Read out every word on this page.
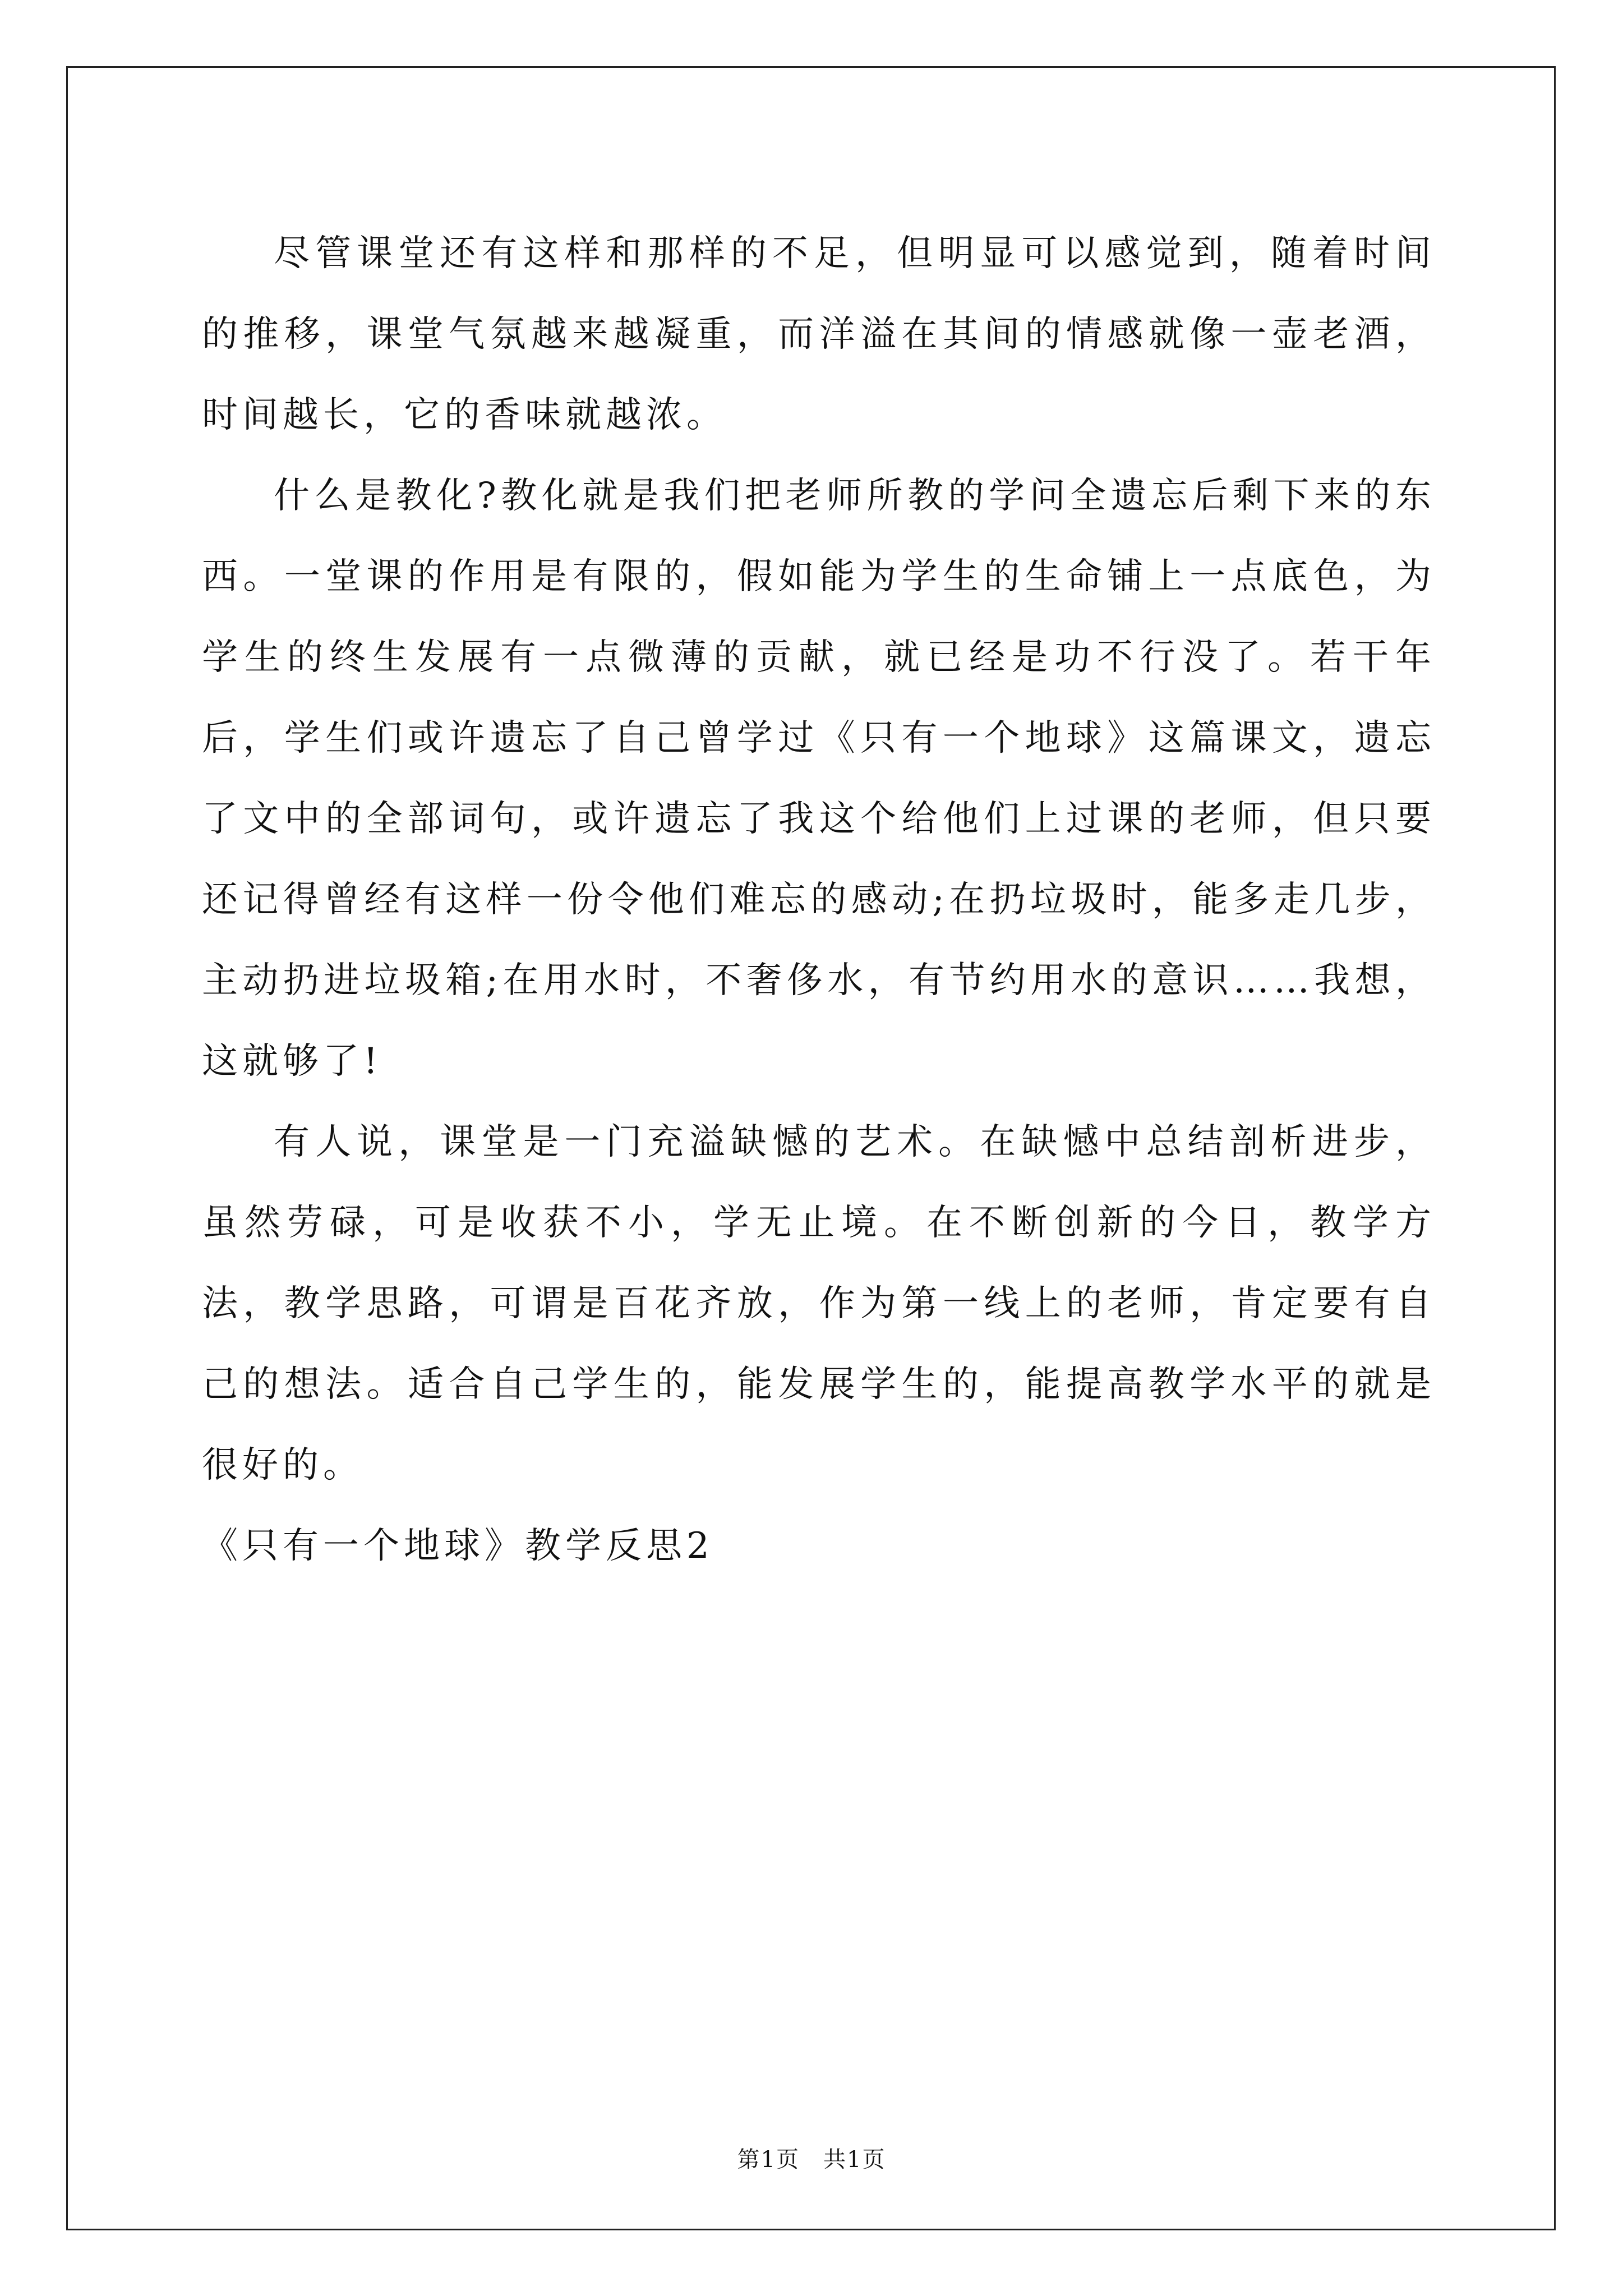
尽管课堂还有这样和那样的不足，但明显可以感觉到，随着时间的推移，课堂气氛越来越凝重，而洋溢在其间的情感就像一壶老酒，时间越长，它的香味就越浓。

什么是教化?教化就是我们把老师所教的学问全遗忘后剩下来的东西。一堂课的作用是有限的，假如能为学生的生命铺上一点底色，为学生的终生发展有一点微薄的贡献，就已经是功不行没了。若干年后，学生们或许遗忘了自己曾学过《只有一个地球》这篇课文，遗忘了文中的全部词句，或许遗忘了我这个给他们上过课的老师，但只要还记得曾经有这样一份令他们难忘的感动;在扔垃圾时，能多走几步，主动扔进垃圾箱;在用水时，不奢侈水，有节约用水的意识……我想，这就够了!

有人说，课堂是一门充溢缺憾的艺术。在缺憾中总结剖析进步，虽然劳碌，可是收获不小，学无止境。在不断创新的今日，教学方法，教学思路，可谓是百花齐放，作为第一线上的老师，肯定要有自己的想法。适合自己学生的，能发展学生的，能提高教学水平的就是很好的。

《只有一个地球》教学反思2

第1页　共1页
